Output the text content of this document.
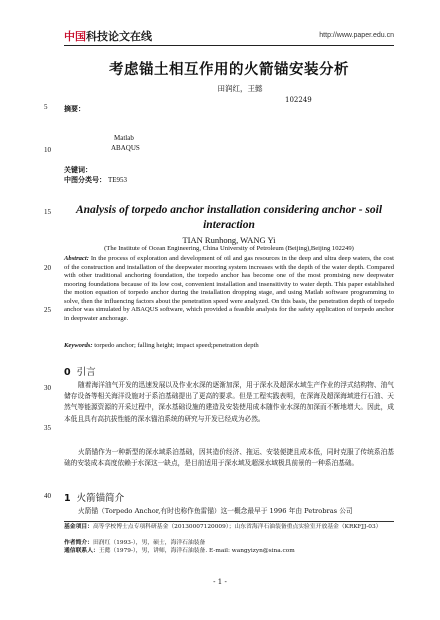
中国科技论文在线	http://www.paper.edu.cn
考虑锚土相互作用的火箭锚安装分析
田润红，王懿
102249
5 摘要：
Matlab
10	ABAQUS
关键词：
中图分类号： TE953
15	Analysis of torpedo anchor installation considering anchor - soil interaction
TIAN Runhong, WANG Yi
(The Institute of Ocean Engineering, China University of Petroleum (Beijing),Beijing 102249)
20
25
Abstract: In the process of exploration and development of oil and gas resources in the deep and ultra deep waters, the cost of the construction and installation of the deepwater mooring system increases with the depth of the water depth. Compared with other traditional anchoring foundation, the torpedo anchor has become one of the most promising new deepwater mooring foundations because of its low cost, convenient installation and insensitivity to water depth. This paper established the motion equation of torpedo anchor during the installation dropping stage, and using Matlab software programming to solve, then the influencing factors about the penetration speed were analyzed. On this basis, the penetration depth of torpedo anchor was simulated by ABAQUS software, which provided a feasible analysis for the safety application of torpedo anchor in deepwater anchorage.
Keywords: torpedo anchor; falling height; impact speed;penetration depth
0 引言
30	随着海洋油气开发的迅速发展以及作业水深的逐渐加深，用于深水及超深水域生产作业的浮式结构物、油气储存设备等相关海洋设施对于系泊基础提出了更高的要求。但是工程实践表明，在深海及超深海域进行石油、天然气等能源资源的开采过程中，深水基础设施的建造及安装使用成本随作业水深的加深而不断地增大。因此，成本低且具有高抗拔性能的深水锚泊系统的研究与开发已经成为必然。
35
火箭锚作为一种新型的深水域系泊基础，因其造价经济、拖运、安装便捷且成本低，同时克服了传统系泊基础的安装成本高度依赖于水深这一缺点，是目前适用于深水域及超深水域极具前景的一种系泊基础。
40 1 火箭锚简介
火箭锚（Torpedo Anchor,有时也称作鱼雷锚）这一概念最早于 1996 年由 Petrobras 公司
基金项目：高等学校博士点专项科研基金（20130007120009）；山东省海洋石油装备重点实验室开放基金（KRKFJJ-03）
作者简介：田润红（1993-），男，硕士，海洋石油装备
通信联系人：王懿（1979-），男，讲师，海洋石油装备. E-mail: wangyizyn@sina.com
- 1 -
